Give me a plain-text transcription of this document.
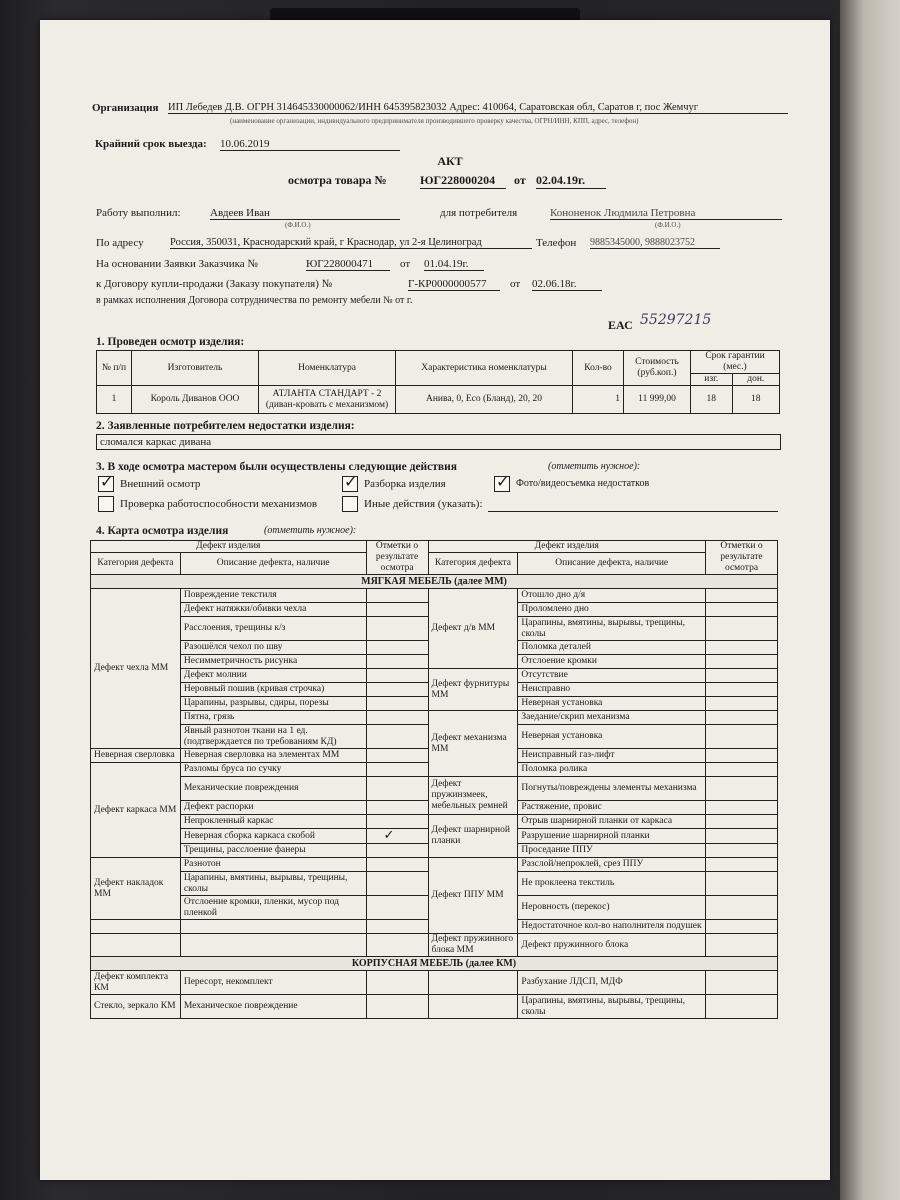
Организация ИП Лебедев Д.В. ОГРН 314645330000062/ИНН 645395823032 Адрес: 410064, Саратовская обл, Саратов г, пос Жемчуг
(наименование организации, индивидуального предпринимателя производившего проверку качества, ОГРН/ИНН, КПП, адрес, телефон)
Крайний срок выезда: 10.06.2019
АКТ
осмотра товара №	ЮГ228000204	от 02.04.19г.
Работу выполнил:	Авдеев Иван
(Ф.И.О.)
для потребителя	Кононенок Людмила Петровна
(Ф.И.О.)
По адресу	Россия, 350031, Краснодарский край, г Краснодар, ул 2-я Целиноград	Телефон 9885345000, 9888023752
На основании Заявки Заказчика №	ЮГ228000471	от 01.04.19г.
к Договору купли-продажи (Заказу покупателя) №	Г-КР0000000577	от 02.06.18г.
в рамках исполнения Договора сотрудничества по ремонту мебели № от г.
ЕАС 55297215
1. Проведен осмотр изделия:
№ п/п	Изготовитель	Номенклатура	Характеристика номенклатуры	Кол-во	Стоимость (руб.коп.)	Срок гарантии (мес.)	
						изг.	дон.
1	Король Диванов ООО	АТЛАНТА СТАНДАРТ - 2 (диван-кровать с механизмом)	Анива, 0, Eco (Бланд), 20, 20	1	11 999,00	18	18
2. Заявленные потребителем недостатки изделия:
сломался каркас дивана
3. В ходе осмотра мастером были осуществлены следующие действия	(отметить нужное):
✓ Внешний осмотр	✓ Разборка изделия	✓ Фото/видеосъемка недостатков
Проверка работоспособности механизмов	Иные действия (указать):
4. Карта осмотра изделия	(отметить нужное):
Дефект изделия		Отметки о результате осмотра	Дефект изделия		Отметки о результате осмотра
Категория дефекта	Описание дефекта, наличие		Категория дефекта	Описание дефекта, наличие	
МЯГКАЯ МЕБЕЛЬ (далее ММ)					
Дефект чехла ММ	Повреждение текстиля		Дефект д/в ММ	Отошло дно д/я	
	Дефект натяжки/обивки чехла			Проломлено дно	
	Расслоения, трещины к/з			Царапины, вмятины, вырывы, трещины, сколы	
	Разошёлся чехол по шву			Поломка деталей	
	Несимметричность рисунка			Отслоение кромки	
	Дефект молнии		Дефект фурнитуры ММ	Отсутствие	
	Неровный пошив (кривая строчка)			Неисправно	
	Царапины, разрывы, сдиры, порезы			Неверная установка	
	Пятна, грязь		Дефект механизма ММ	Заедание/скрип механизма	
	Явный разнотон ткани на 1 ед. (подтверждается по требованиям КД)			Неверная установка	
Неверная сверловка	Неверная сверловка на элементах ММ			Неисправный газ-лифт	
Дефект каркаса ММ	Разломы бруса по сучку			Поломка ролика	
	Механические повреждения		Дефект пружинзмеек, мебельных ремней	Погнуты/повреждены элементы механизма	
	Дефект распорки			Растяжение, провис	
	Непрокленный каркас		Дефект шарнирной планки	Отрыв шарнирной планки от каркаса	
	Неверная сборка каркаса скобой	✓		Разрушение шарнирной планки	
	Трещины, расслоение фанеры			Проседание ППУ	
Дефект накладок ММ	Разнотон		Дефект ППУ ММ	Разслой/непроклей, срез ППУ	
	Царапины, вмятины, вырывы, трещины, сколы			Не проклеена текстиль	
	Отслоение кромки, пленки, мусор под пленкой			Неровность (перекос)	
				Недостаточное кол-во наполнителя подушек	
			Дефект пружинного блока ММ	Дефект пружинного блока	
КОРПУСНАЯ МЕБЕЛЬ (далее КМ)					
Дефект комплекта КМ	Пересорт, некомплект			Разбухание ЛДСП, МДФ	
Стекло, зеркало КМ	Механическое повреждение			Царапины, вмятины, вырывы, трещины, сколы	
